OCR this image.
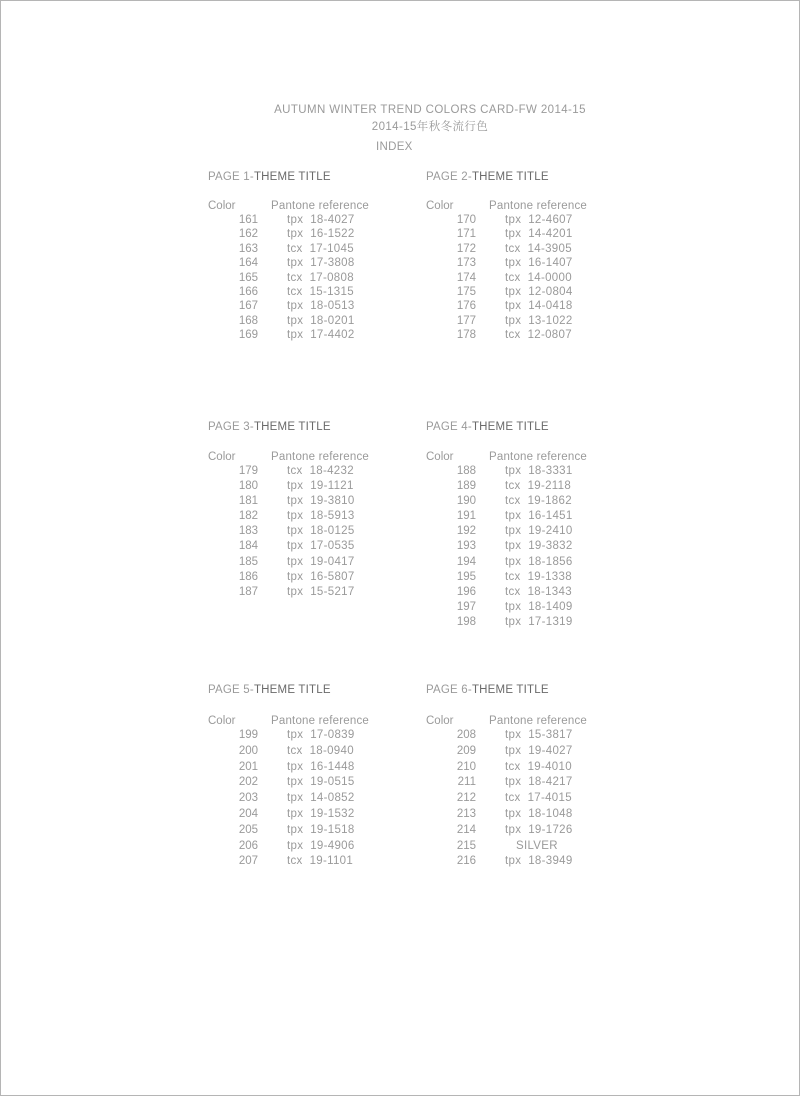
AUTUMN WINTER TREND COLORS CARD-FW 2014-15
2014-15年秋冬流行色
INDEX
PAGE 1-THEME TITLE
Color	Pantone reference
161	tpx  18-4027
162	tpx  16-1522
163	tcx  17-1045
164	tpx  17-3808
165	tcx  17-0808
166	tcx  15-1315
167	tpx  18-0513
168	tpx  18-0201
169	tpx  17-4402
PAGE 2-THEME TITLE
Color	Pantone reference
170	tpx  12-4607
171	tpx  14-4201
172	tcx  14-3905
173	tpx  16-1407
174	tcx  14-0000
175	tpx  12-0804
176	tpx  14-0418
177	tpx  13-1022
178	tcx  12-0807
PAGE 3-THEME TITLE
Color	Pantone reference
179	tcx  18-4232
180	tpx  19-1121
181	tpx  19-3810
182	tpx  18-5913
183	tpx  18-0125
184	tpx  17-0535
185	tpx  19-0417
186	tpx  16-5807
187	tpx  15-5217
PAGE 4-THEME TITLE
Color	Pantone reference
188	tpx  18-3331
189	tcx  19-2118
190	tcx  19-1862
191	tpx  16-1451
192	tpx  19-2410
193	tpx  19-3832
194	tpx  18-1856
195	tcx  19-1338
196	tcx  18-1343
197	tpx  18-1409
198	tpx  17-1319
PAGE 5-THEME TITLE
Color	Pantone reference
199	tpx  17-0839
200	tcx  18-0940
201	tpx  16-1448
202	tpx  19-0515
203	tpx  14-0852
204	tpx  19-1532
205	tpx  19-1518
206	tpx  19-4906
207	tcx  19-1101
PAGE 6-THEME TITLE
Color	Pantone reference
208	tpx  15-3817
209	tpx  19-4027
210	tcx  19-4010
211	tpx  18-4217
212	tcx  17-4015
213	tpx  18-1048
214	tpx  19-1726
215	SILVER
216	tpx  18-3949
